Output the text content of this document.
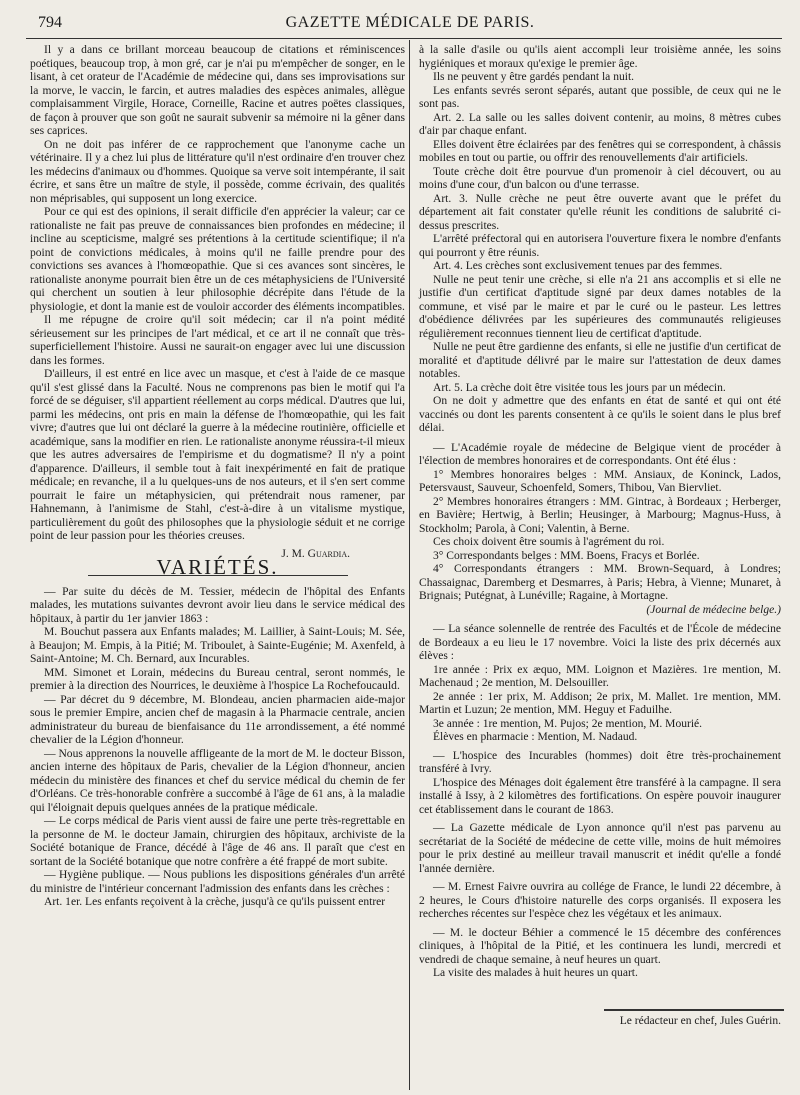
794	GAZETTE MÉDICALE DE PARIS.

Il y a dans ce brillant morceau beaucoup de citations et réminiscences poétiques, beaucoup trop, à mon gré, car je n'ai pu m'empêcher de songer, en le lisant, à cet orateur de l'Académie de médecine qui, dans ses improvisations sur la morve, le vaccin, le farcin, et autres maladies des espèces animales, allègue complaisamment Virgile, Horace, Corneille, Racine et autres poëtes classiques, de façon à prouver que son goût ne saurait subvenir sa mémoire ni la gêner dans ses caprices.

On ne doit pas inférer de ce rapprochement que l'anonyme cache un vétérinaire. Il y a chez lui plus de littérature qu'il n'est ordinaire d'en trouver chez les médecins d'animaux ou d'hommes. Quoique sa verve soit intempérante, il sait écrire, et sans être un maître de style, il possède, comme écrivain, des qualités non méprisables, qui supposent un long exercice.

Pour ce qui est des opinions, il serait difficile d'en apprécier la valeur; car ce rationaliste ne fait pas preuve de connaissances bien profondes en médecine; il incline au scepticisme, malgré ses prétentions à la certitude scientifique; il n'a point de convictions médicales, à moins qu'il ne faille prendre pour des convictions ses avances à l'homœopathie. Que si ces avances sont sincères, le rationaliste anonyme pourrait bien être un de ces métaphysiciens de l'Université qui cherchent un soutien à leur philosophie décrépite dans l'étude de la physiologie, et dont la manie est de vouloir accorder des éléments incompatibles.

Il me répugne de croire qu'il soit médecin; car il n'a point médité sérieusement sur les principes de l'art médical, et ce art il ne connaît que très-superficiellement l'histoire. Aussi ne saurait-on engager avec lui une discussion dans les formes.

D'ailleurs, il est entré en lice avec un masque, et c'est à l'aide de ce masque qu'il s'est glissé dans la Faculté. Nous ne comprenons pas bien le motif qui l'a forcé de se déguiser, s'il appartient réellement au corps médical. D'autres que lui, parmi les médecins, ont pris en main la défense de l'homœopathie, qui les fait vivre; d'autres que lui ont déclaré la guerre à la médecine routinière, officielle et académique, sans la modifier en rien. Le rationaliste anonyme réussira-t-il mieux que les autres adversaires de l'empirisme et du dogmatisme? Il n'y a point d'apparence. D'ailleurs, il semble tout à fait inexpérimenté en fait de pratique médicale; en revanche, il a lu quelques-uns de nos auteurs, et il s'en sert comme pourrait le faire un métaphysicien, qui prétendrait nous ramener, par Hahnemann, à l'animisme de Stahl, c'est-à-dire à un vitalisme mystique, particulièrement du goût des philosophes que la physiologie séduit et ne corrige point de leur passion pour les théories creuses.

J. M. Guardia.

VARIÉTÉS.

— Par suite du décès de M. Tessier, médecin de l'hôpital des Enfants malades, les mutations suivantes devront avoir lieu dans le service médical des hôpitaux, à partir du 1er janvier 1863 :

M. Bouchut passera aux Enfants malades; M. Laillier, à Saint-Louis; M. Sée, à Beaujon; M. Empis, à la Pitié; M. Triboulet, à Sainte-Eugénie; M. Axenfeld, à Saint-Antoine; M. Ch. Bernard, aux Incurables.

MM. Simonet et Lorain, médecins du Bureau central, seront nommés, le premier à la direction des Nourrices, le deuxième à l'hospice La Rochefoucauld.

— Par décret du 9 décembre, M. Blondeau, ancien pharmacien aide-major sous le premier Empire, ancien chef de magasin à la Pharmacie centrale, ancien administrateur du bureau de bienfaisance du 11e arrondissement, a été nommé chevalier de la Légion d'honneur.

— Nous apprenons la nouvelle affligeante de la mort de M. le docteur Bisson, ancien interne des hôpitaux de Paris, chevalier de la Légion d'honneur, ancien médecin du ministère des finances et chef du service médical du chemin de fer d'Orléans. Ce très-honorable confrère a succombé à l'âge de 61 ans, à la maladie qui l'éloignait depuis quelques années de la pratique médicale.

— Le corps médical de Paris vient aussi de faire une perte très-regrettable en la personne de M. le docteur Jamain, chirurgien des hôpitaux, archiviste de la Société botanique de France, décédé à l'âge de 46 ans. Il paraît que c'est en sortant de la Société botanique que notre confrère a été frappé de mort subite.

— Hygiène publique. — Nous publions les dispositions générales d'un arrêté du ministre de l'intérieur concernant l'admission des enfants dans les crèches :

Art. 1er. Les enfants reçoivent à la crèche, jusqu'à ce qu'ils puissent entrer

à la salle d'asile ou qu'ils aient accompli leur troisième année, les soins hygiéniques et moraux qu'exige le premier âge.

Ils ne peuvent y être gardés pendant la nuit.

Les enfants sevrés seront séparés, autant que possible, de ceux qui ne le sont pas.

Art. 2. La salle ou les salles doivent contenir, au moins, 8 mètres cubes d'air par chaque enfant.

Elles doivent être éclairées par des fenêtres qui se correspondent, à châssis mobiles en tout ou partie, ou offrir des renouvellements d'air artificiels.

Toute crèche doit être pourvue d'un promenoir à ciel découvert, ou au moins d'une cour, d'un balcon ou d'une terrasse.

Art. 3. Nulle crèche ne peut être ouverte avant que le préfet du département ait fait constater qu'elle réunit les conditions de salubrité ci-dessus prescrites.

L'arrêté préfectoral qui en autorisera l'ouverture fixera le nombre d'enfants qui pourront y être réunis.

Art. 4. Les crèches sont exclusivement tenues par des femmes.

Nulle ne peut tenir une crèche, si elle n'a 21 ans accomplis et si elle ne justifie d'un certificat d'aptitude signé par deux dames notables de la commune, et visé par le maire et par le curé ou le pasteur. Les lettres d'obédience délivrées par les supérieures des communautés religieuses régulièrement reconnues tiennent lieu de certificat d'aptitude.

Nulle ne peut être gardienne des enfants, si elle ne justifie d'un certificat de moralité et d'aptitude délivré par le maire sur l'attestation de deux dames notables.

Art. 5. La crèche doit être visitée tous les jours par un médecin.

On ne doit y admettre que des enfants en état de santé et qui ont été vaccinés ou dont les parents consentent à ce qu'ils le soient dans le plus bref délai.

— L'Académie royale de médecine de Belgique vient de procéder à l'élection de membres honoraires et de correspondants. Ont été élus :

1° Membres honoraires belges : MM. Ansiaux, de Koninck, Lados, Petersvaust, Sauveur, Schoenfeld, Somers, Thibou, Van Biervliet.

2° Membres honoraires étrangers : MM. Gintrac, à Bordeaux ; Herberger, en Bavière; Hertwig, à Berlin; Heusinger, à Marbourg; Magnus-Huss, à Stockholm; Parola, à Coni; Valentin, à Berne.

Ces choix doivent être soumis à l'agrément du roi.

3° Correspondants belges : MM. Boens, Fracys et Borlée.

4° Correspondants étrangers : MM. Brown-Sequard, à Londres; Chassaignac, Daremberg et Desmarres, à Paris; Hebra, à Vienne; Munaret, à Brignais; Putégnat, à Lunéville; Ragaine, à Mortagne.

(Journal de médecine belge.)

— La séance solennelle de rentrée des Facultés et de l'École de médecine de Bordeaux a eu lieu le 17 novembre. Voici la liste des prix décernés aux élèves :

1re année : Prix ex æquo, MM. Loignon et Mazières. 1re mention, M. Machenaud ; 2e mention, M. Delsouiller.

2e année : 1er prix, M. Addison; 2e prix, M. Mallet. 1re mention, MM. Martin et Luzun; 2e mention, MM. Heguy et Faduilhe.

3e année : 1re mention, M. Pujos; 2e mention, M. Mourié.

Élèves en pharmacie : Mention, M. Nadaud.

— L'hospice des Incurables (hommes) doit être très-prochainement transféré à Ivry.

L'hospice des Ménages doit également être transféré à la campagne. Il sera installé à Issy, à 2 kilomètres des fortifications. On espère pouvoir inaugurer cet établissement dans le courant de 1863.

— La Gazette médicale de Lyon annonce qu'il n'est pas parvenu au secrétariat de la Société de médecine de cette ville, moins de huit mémoires pour le prix destiné au meilleur travail manuscrit et inédit qu'elle a fondé l'année dernière.

— M. Ernest Faivre ouvrira au collége de France, le lundi 22 décembre, à 2 heures, le Cours d'histoire naturelle des corps organisés. Il exposera les recherches récentes sur l'espèce chez les végétaux et les animaux.

— M. le docteur Béhier a commencé le 15 décembre des conférences cliniques, à l'hôpital de la Pitié, et les continuera les lundi, mercredi et vendredi de chaque semaine, à neuf heures un quart.

La visite des malades à huit heures un quart.

Le rédacteur en chef, Jules Guérin.
